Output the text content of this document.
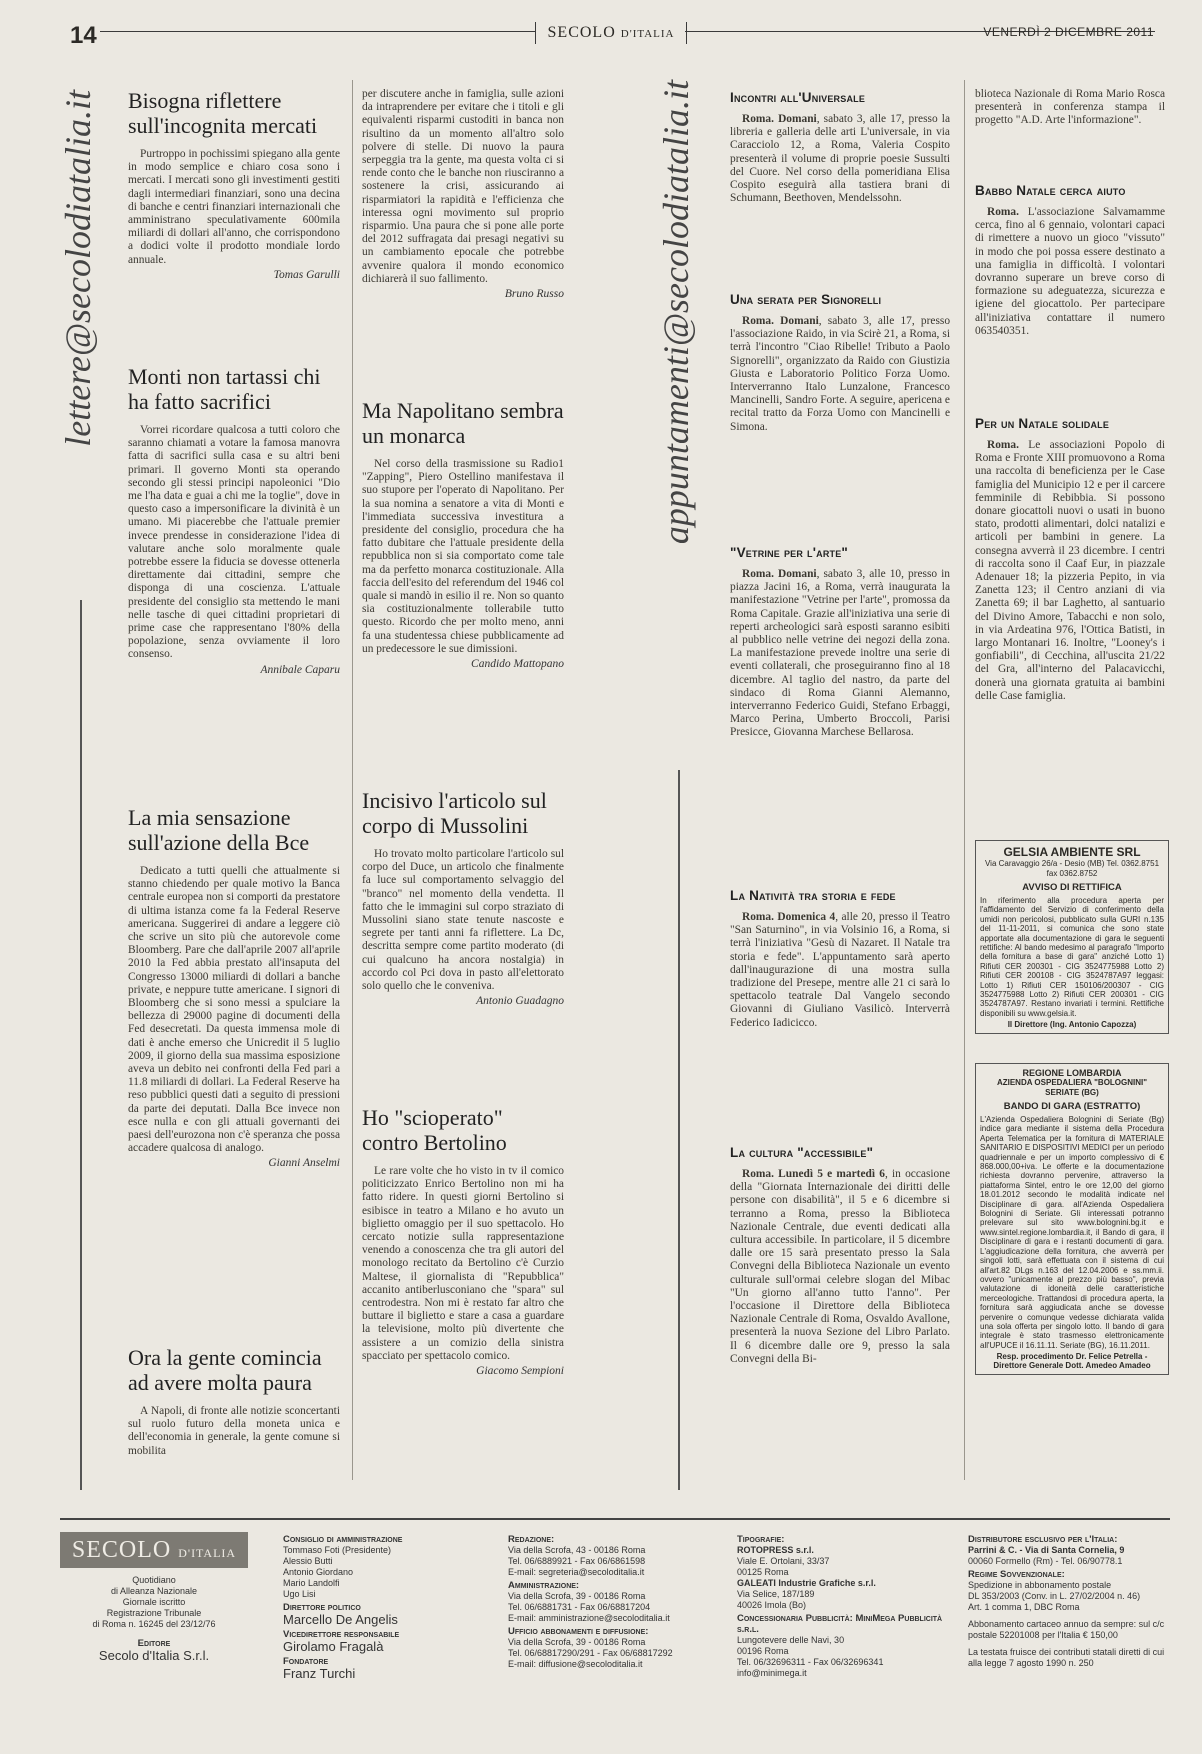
14	SECOLO D'ITALIA	VENERDÌ 2 DICEMBRE 2011
lettere@secolodiatalia.it	appuntamenti@secolodiatalia.it
Bisogna riflettere sull'incognita mercati

Purtroppo in pochissimi spiegano alla gente in modo semplice e chiaro cosa sono i mercati. I mercati sono gli investimenti gestiti dagli intermediari finanziari, sono una decina di banche e centri finanziari internazionali che amministrano speculativamente 600mila miliardi di dollari all'anno, che corrispondono a dodici volte il prodotto mondiale lordo annuale.

Tomas Garulli

Monti non tartassi chi ha fatto sacrifici

Vorrei ricordare qualcosa a tutti coloro che saranno chiamati a votare la famosa manovra fatta di sacrifici sulla casa e su altri beni primari. Il governo Monti sta operando secondo gli stessi principi napoleonici "Dio me l'ha data e guai a chi me la toglie", dove in questo caso a impersonificare la divinità è un umano. Mi piacerebbe che l'attuale premier invece prendesse in considerazione l'idea di valutare anche solo moralmente quale potrebbe essere la fiducia se dovesse ottenerla direttamente dai cittadini, sempre che disponga di una coscienza. L'attuale presidente del consiglio sta mettendo le mani nelle tasche di quei cittadini proprietari di prime case che rappresentano l'80% della popolazione, senza ovviamente il loro consenso.

Annibale Caparu

La mia sensazione sull'azione della Bce

Dedicato a tutti quelli che attualmente si stanno chiedendo per quale motivo la Banca centrale europea non si comporti da prestatore di ultima istanza come fa la Federal Reserve americana. Suggerirei di andare a leggere ciò che scrive un sito più che autorevole come Bloomberg. Pare che dall'aprile 2007 all'aprile 2010 la Fed abbia prestato all'insaputa del Congresso 13000 miliardi di dollari a banche private, e neppure tutte americane. I signori di Bloomberg che si sono messi a spulciare la bellezza di 29000 pagine di documenti della Fed desecretati. Da questa immensa mole di dati è anche emerso che Unicredit il 5 luglio 2009, il giorno della sua massima esposizione aveva un debito nei confronti della Fed pari a 11.8 miliardi di dollari. La Federal Reserve ha reso pubblici questi dati a seguito di pressioni da parte dei deputati. Dalla Bce invece non esce nulla e con gli attuali governanti dei paesi dell'eurozona non c'è speranza che possa accadere qualcosa di analogo.

Gianni Anselmi

Ora la gente comincia ad avere molta paura

A Napoli, di fronte alle notizie sconcertanti sul ruolo futuro della moneta unica e dell'economia in generale, la gente comune si mobilita

per discutere anche in famiglia, sulle azioni da intraprendere per evitare che i titoli e gli equivalenti risparmi custoditi in banca non risultino da un momento all'altro solo polvere di stelle. Di nuovo la paura serpeggia tra la gente, ma questa volta ci si rende conto che le banche non riusciranno a sostenere la crisi, assicurando ai risparmiatori la rapidità e l'efficienza che interessa ogni movimento sul proprio risparmio. Una paura che si pone alle porte del 2012 suffragata dai presagi negativi su un cambiamento epocale che potrebbe avvenire qualora il mondo economico dichiarerà il suo fallimento.

Bruno Russo

Ma Napolitano sembra un monarca

Nel corso della trasmissione su Radio1 "Zapping", Piero Ostellino manifestava il suo stupore per l'operato di Napolitano. Per la sua nomina a senatore a vita di Monti e l'immediata successiva investitura a presidente del consiglio, procedura che ha fatto dubitare che l'attuale presidente della repubblica non si sia comportato come tale ma da perfetto monarca costituzionale. Alla faccia dell'esito del referendum del 1946 col quale si mandò in esilio il re. Non so quanto sia costituzionalmente tollerabile tutto questo. Ricordo che per molto meno, anni fa una studentessa chiese pubblicamente ad un predecessore le sue dimissioni.

Candido Mattopano

Incisivo l'articolo sul corpo di Mussolini

Ho trovato molto particolare l'articolo sul corpo del Duce, un articolo che finalmente fa luce sul comportamento selvaggio del "branco" nel momento della vendetta. Il fatto che le immagini sul corpo straziato di Mussolini siano state tenute nascoste e segrete per tanti anni fa riflettere. La Dc, descritta sempre come partito moderato (di cui qualcuno ha ancora nostalgia) in accordo col Pci dova in pasto all'elettorato solo quello che le conveniva.

Antonio Guadagno

Ho "scioperato" contro Bertolino

Le rare volte che ho visto in tv il comico politicizzato Enrico Bertolino non mi ha fatto ridere. In questi giorni Bertolino si esibisce in teatro a Milano e ho avuto un biglietto omaggio per il suo spettacolo. Ho cercato notizie sulla rappresentazione venendo a conoscenza che tra gli autori del monologo recitato da Bertolino c'è Curzio Maltese, il giornalista di "Repubblica" accanito antiberlusconiano che "spara" sul centrodestra. Non mi è restato far altro che buttare il biglietto e stare a casa a guardare la televisione, molto più divertente che assistere a un comizio della sinistra spacciato per spettacolo comico.

Giacomo Sempioni

Incontri all'Universale

Roma. Domani, sabato 3, alle 17, presso la libreria e galleria delle arti L'universale, in via Caracciolo 12, a Roma, Valeria Cospito presenterà il volume di proprie poesie Sussulti del Cuore. Nel corso della pomeridiana Elisa Cospito eseguirà alla tastiera brani di Schumann, Beethoven, Mendelssohn.

Una serata per Signorelli

Roma. Domani, sabato 3, alle 17, presso l'associazione Raido, in via Scirè 21, a Roma, si terrà l'incontro "Ciao Ribelle! Tributo a Paolo Signorelli", organizzato da Raido con Giustizia Giusta e Laboratorio Politico Forza Uomo. Interverranno Italo Lunzalone, Francesco Mancinelli, Sandro Forte. A seguire, apericena e recital tratto da Forza Uomo con Mancinelli e Simona.

"Vetrine per l'arte"

Roma. Domani, sabato 3, alle 10, presso in piazza Jacini 16, a Roma, verrà inaugurata la manifestazione "Vetrine per l'arte", promossa da Roma Capitale. Grazie all'iniziativa una serie di reperti archeologici sarà esposti saranno esibiti al pubblico nelle vetrine dei negozi della zona. La manifestazione prevede inoltre una serie di eventi collaterali, che proseguiranno fino al 18 dicembre. Al taglio del nastro, da parte del sindaco di Roma Gianni Alemanno, interverranno Federico Guidi, Stefano Erbaggi, Marco Perina, Umberto Broccoli, Parisi Presicce, Giovanna Marchese Bellarosa.

La Natività tra storia e fede

Roma. Domenica 4, alle 20, presso il Teatro "San Saturnino", in via Volsinio 16, a Roma, si terrà l'iniziativa "Gesù di Nazaret. Il Natale tra storia e fede". L'appuntamento sarà aperto dall'inaugurazione di una mostra sulla tradizione del Presepe, mentre alle 21 ci sarà lo spettacolo teatrale Dal Vangelo secondo Giovanni di Giuliano Vasilicò. Interverrà Federico Iadicicco.

La cultura "accessibile"

Roma. Lunedì 5 e martedì 6, in occasione della "Giornata Internazionale dei diritti delle persone con disabilità", il 5 e 6 dicembre si terranno a Roma, presso la Biblioteca Nazionale Centrale, due eventi dedicati alla cultura accessibile. In particolare, il 5 dicembre dalle ore 15 sarà presentato presso la Sala Convegni della Biblioteca Nazionale un evento culturale sull'ormai celebre slogan del Mibac "Un giorno all'anno tutto l'anno". Per l'occasione il Direttore della Biblioteca Nazionale Centrale di Roma, Osvaldo Avallone, presenterà la nuova Sezione del Libro Parlato. Il 6 dicembre dalle ore 9, presso la sala Convegni della Bi-

blioteca Nazionale di Roma Mario Rosca presenterà in conferenza stampa il progetto "A.D. Arte l'informazione".

Babbo Natale cerca aiuto

Roma. L'associazione Salvamamme cerca, fino al 6 gennaio, volontari capaci di rimettere a nuovo un gioco "vissuto" in modo che poi possa essere destinato a una famiglia in difficoltà. I volontari dovranno superare un breve corso di formazione su adeguatezza, sicurezza e igiene del giocattolo. Per partecipare all'iniziativa contattare il numero 063540351.

Per un Natale solidale

Roma. Le associazioni Popolo di Roma e Fronte XIII promuovono a Roma una raccolta di beneficienza per le Case famiglia del Municipio 12 e per il carcere femminile di Rebibbia. Si possono donare giocattoli nuovi o usati in buono stato, prodotti alimentari, dolci natalizi e articoli per bambini in genere. La consegna avverrà il 23 dicembre. I centri di raccolta sono il Caaf Eur, in piazzale Adenauer 18; la pizzeria Pepito, in via Zanetta 123; il Centro anziani di via Zanetta 69; il bar Laghetto, al santuario del Divino Amore, Tabacchi e non solo, in via Ardeatina 976, l'Ottica Batisti, in largo Montanari 16. Inoltre, "Looney's i gonfiabili", di Cecchina, all'uscita 21/22 del Gra, all'interno del Palacavicchi, donerà una giornata gratuita ai bambini delle Case famiglia.

GELSIA AMBIENTE SRL
Via Caravaggio 26/a - Desio (MB) Tel. 0362.8751 fax 0362.8752
AVVISO DI RETTIFICA

In riferimento alla procedura aperta per l'affidamento del Servizio di conferimento della umidi non pericolosi, pubblicato sulla GURI n.135 del 11-11-2011, si comunica che sono state apportate alla documentazione di gara le seguenti rettifiche: Al bando medesimo al paragrafo "Importo della fornitura a base di gara" anziché Lotto 1) Rifiuti CER 200301 - CIG 3524775988 Lotto 2) Rifiuti CER 200108 - CIG 3524787A97 leggasi: Lotto 1) Rifiuti CER 150106/200307 - CIG 3524775988 Lotto 2) Rifiuti CER 200301 - CIG 3524787A97. Restano invariati i termini. Rettifiche disponibili su www.gelsia.it.

Il Direttore (Ing. Antonio Capozza)
REGIONE LOMBARDIA
AZIENDA OSPEDALIERA "BOLOGNINI" SERIATE (BG)
BANDO DI GARA (ESTRATTO)

L'Azienda Ospedaliera Bolognini di Seriate (Bg) indice gara mediante il sistema della Procedura Aperta Telematica per la fornitura di MATERIALE SANITARIO E DISPOSITIVI MEDICI per un periodo quadriennale e per un importo complessivo di € 868.000,00+iva. Le offerte e la documentazione richiesta dovranno pervenire, attraverso la piattaforma Sintel, entro le ore 12,00 del giorno 18.01.2012 secondo le modalità indicate nel Disciplinare di gara. all'Azienda Ospedaliera Bolognini di Seriate. Gli interessati potranno prelevare sul sito www.bolognini.bg.it e www.sintel.regione.lombardia.it, il Bando di gara, il Disciplinare di gara e i restanti documenti di gara. L'aggiudicazione della fornitura, che avverrà per singoli lotti, sarà effettuata con il sistema di cui all'art.82 DLgs n.163 del 12.04.2006 e ss.mm.ii. ovvero "unicamente al prezzo più basso", previa valutazione di idoneità delle caratteristiche merceologiche. Trattandosi di procedura aperta, la fornitura sarà aggiudicata anche se dovesse pervenire o comunque vedesse dichiarata valida una sola offerta per singolo lotto. Il bando di gara integrale è stato trasmesso elettronicamente all'UPUCE il 16.11.11. Seriate (BG), 16.11.2011.

Resp. procedimento Dr. Felice Petrella - Direttore Generale Dott. Amedeo Amadeo
SECOLO D'ITALIA
Quotidiano
di Alleanza Nazionale
Giornale iscritto
Registrazione Tribunale
di Roma n. 16245 del 23/12/76
Editore
Secolo d'Italia S.r.l.
Consiglio di amministrazione
Tommaso Foti (Presidente)
Alessio Butti
Antonio Giordano
Mario Landolfi
Ugo Lisi
Direttore politico
Marcello De Angelis
Vicedirettore responsabile
Girolamo Fragalà
Fondatore
Franz Turchi
Redazione:
Via della Scrofa, 43 - 00186 Roma
Tel. 06/6889921 - Fax 06/6861598
E-mail: segreteria@secoloditalia.it
Amministrazione:
Via della Scrofa, 39 - 00186 Roma
Tel. 06/6881731 - Fax 06/68817204
E-mail: amministrazione@secoloditalia.it
Ufficio abbonamenti e diffusione:
Via della Scrofa, 39 - 00186 Roma
Tel. 06/68817290/291 - Fax 06/68817292
E-mail: diffusione@secoloditalia.it
Tipografie:
ROTOPRESS s.r.l.
Viale E. Ortolani, 33/37
00125 Roma
GALEATI Industrie Grafiche s.r.l.
Via Selice, 187/189
40026 Imola (Bo)
Concessionaria Pubblicità: MiniMega Pubblicità s.r.l.
Lungotevere delle Navi, 30
00196 Roma
Tel. 06/32696311 - Fax 06/32696341
info@minimega.it
Distributore esclusivo per l'Italia:
Parrini & C. - Via di Santa Cornelia, 9
00060 Formello (Rm) - Tel. 06/90778.1
Regime Sovvenzionale:
Spedizione in abbonamento postale
DL 353/2003 (Conv. in L. 27/02/2004 n. 46)
Art. 1 comma 1, DBC Roma
Abbonamento cartaceo annuo da sempre: sul c/c postale 52201008 per l'Italia € 150,00
La testata fruisce dei contributi statali diretti di cui alla legge 7 agosto 1990 n. 250
